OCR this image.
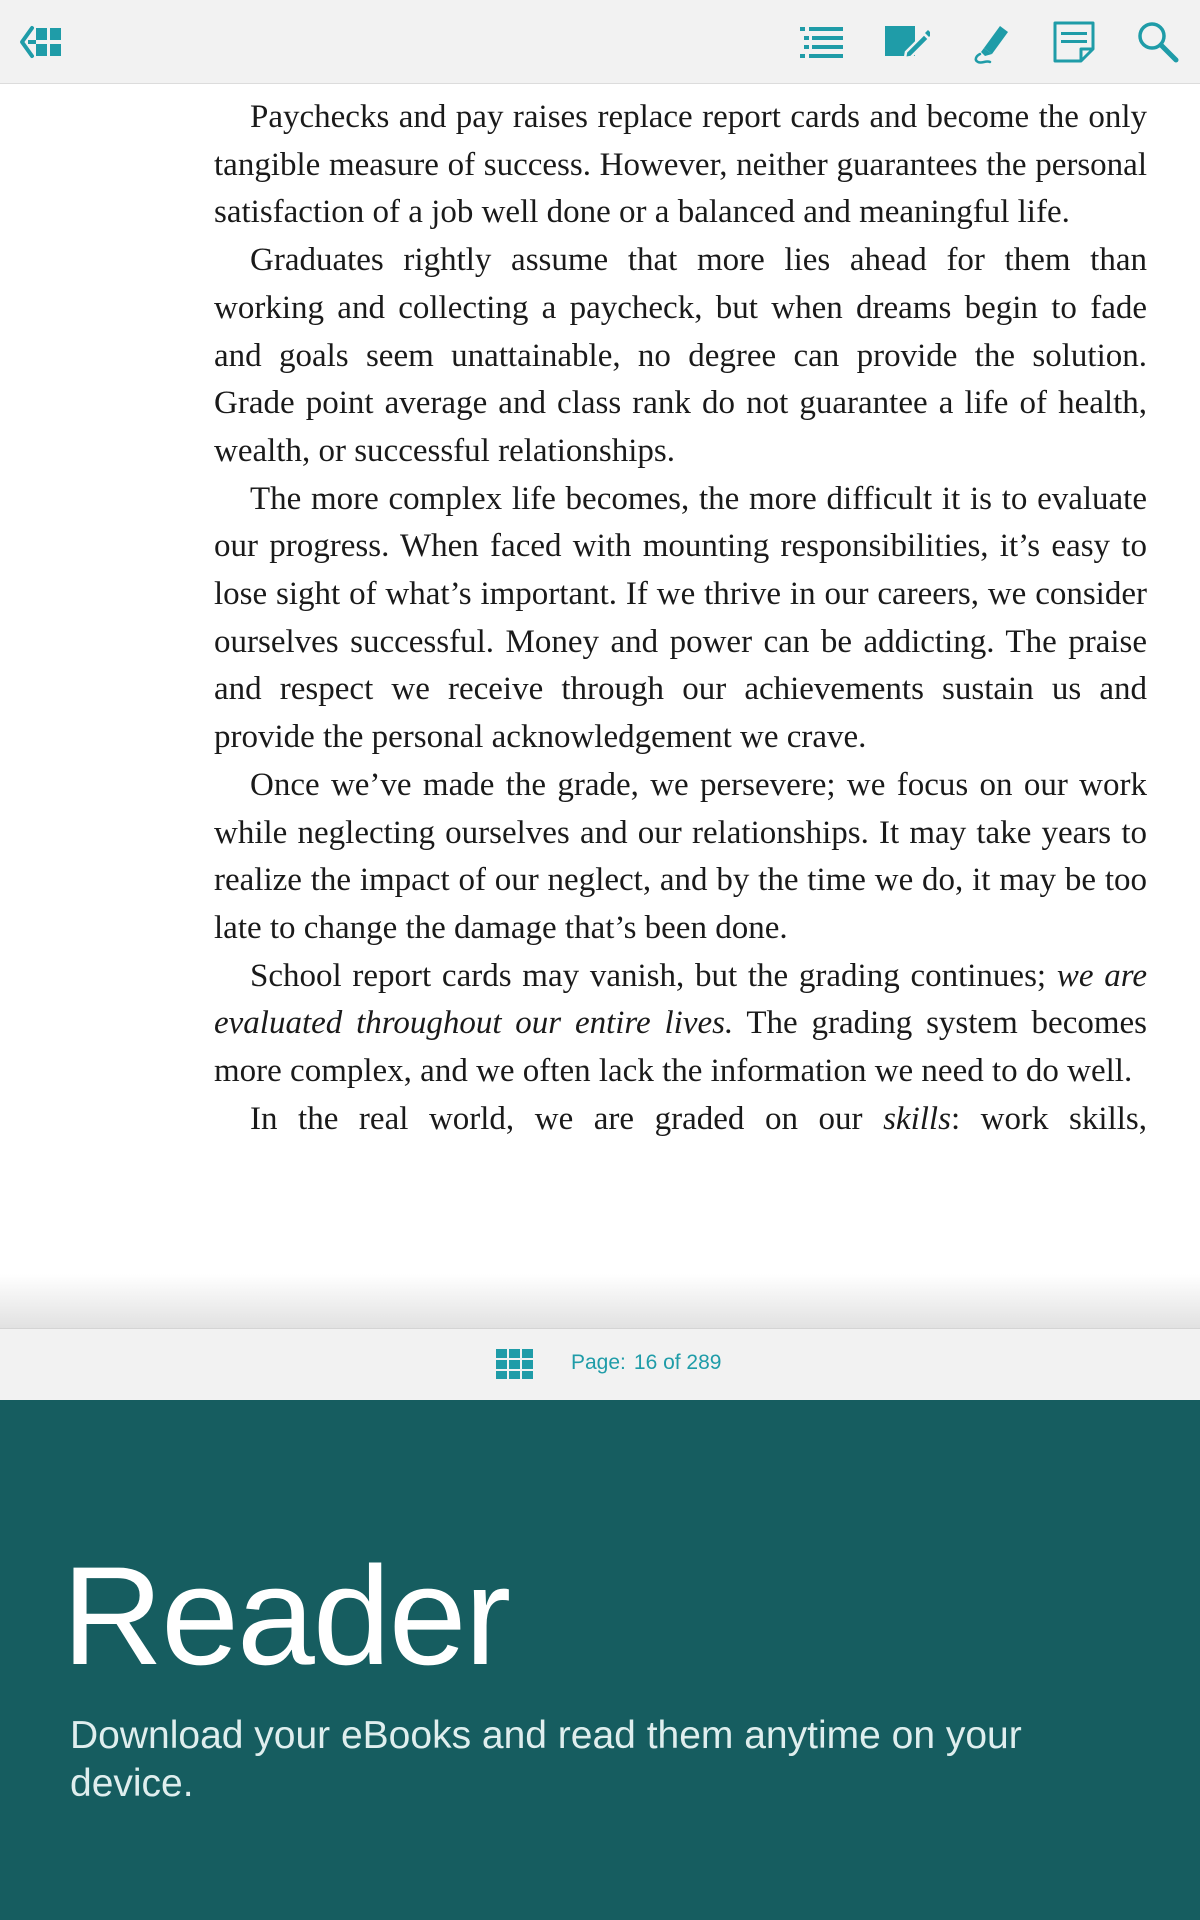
Paychecks and pay raises replace report cards and become the only tangible measure of success. However, neither guarantees the personal satisfaction of a job well done or a balanced and meaningful life.

Graduates rightly assume that more lies ahead for them than working and collecting a paycheck, but when dreams begin to fade and goals seem unattainable, no degree can provide the solution. Grade point average and class rank do not guarantee a life of health, wealth, or successful relationships.

The more complex life becomes, the more difficult it is to evaluate our progress. When faced with mounting responsibilities, it’s easy to lose sight of what’s important. If we thrive in our careers, we consider ourselves successful. Money and power can be addicting. The praise and respect we receive through our achievements sustain us and provide the personal acknowledgement we crave.

Once we’ve made the grade, we persevere; we focus on our work while neglecting ourselves and our relationships. It may take years to realize the impact of our neglect, and by the time we do, it may be too late to change the damage that’s been done.

School report cards may vanish, but the grading continues; we are evaluated throughout our entire lives. The grading system becomes more complex, and we often lack the information we need to do well.

In the real world, we are graded on our skills: work skills,

Page: 16 of 289
Reader

Download your eBooks and read them anytime on your device.
